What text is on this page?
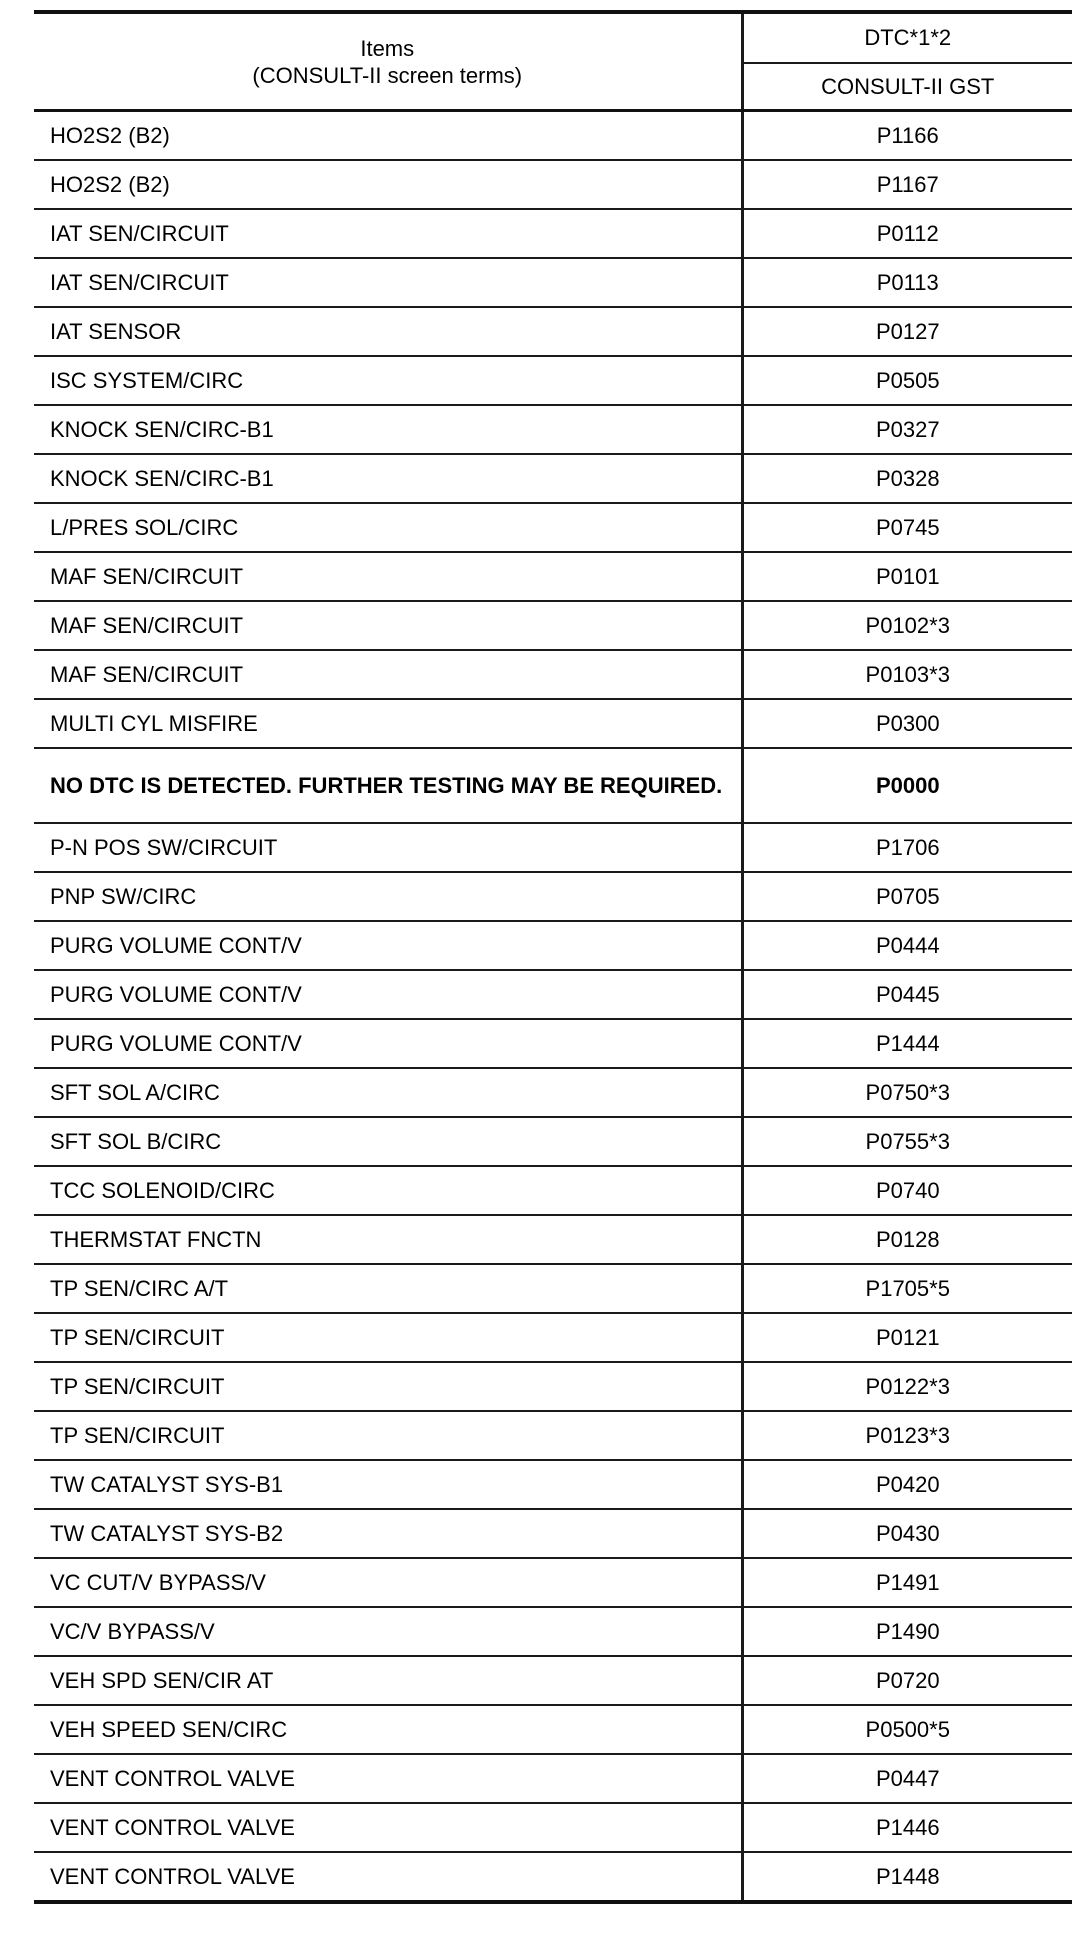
Items
(CONSULT-II screen terms)	DTC*1*2
	CONSULT-II GST
HO2S2 (B2)	P1166
HO2S2 (B2)	P1167
IAT SEN/CIRCUIT	P0112
IAT SEN/CIRCUIT	P0113
IAT SENSOR	P0127
ISC SYSTEM/CIRC	P0505
KNOCK SEN/CIRC-B1	P0327
KNOCK SEN/CIRC-B1	P0328
L/PRES SOL/CIRC	P0745
MAF SEN/CIRCUIT	P0101
MAF SEN/CIRCUIT	P0102*3
MAF SEN/CIRCUIT	P0103*3
MULTI CYL MISFIRE	P0300
NO DTC IS DETECTED. FURTHER TESTING MAY BE REQUIRED.	P0000
P-N POS SW/CIRCUIT	P1706
PNP SW/CIRC	P0705
PURG VOLUME CONT/V	P0444
PURG VOLUME CONT/V	P0445
PURG VOLUME CONT/V	P1444
SFT SOL A/CIRC	P0750*3
SFT SOL B/CIRC	P0755*3
TCC SOLENOID/CIRC	P0740
THERMSTAT FNCTN	P0128
TP SEN/CIRC A/T	P1705*5
TP SEN/CIRCUIT	P0121
TP SEN/CIRCUIT	P0122*3
TP SEN/CIRCUIT	P0123*3
TW CATALYST SYS-B1	P0420
TW CATALYST SYS-B2	P0430
VC CUT/V BYPASS/V	P1491
VC/V BYPASS/V	P1490
VEH SPD SEN/CIR AT	P0720
VEH SPEED SEN/CIRC	P0500*5
VENT CONTROL VALVE	P0447
VENT CONTROL VALVE	P1446
VENT CONTROL VALVE	P1448
